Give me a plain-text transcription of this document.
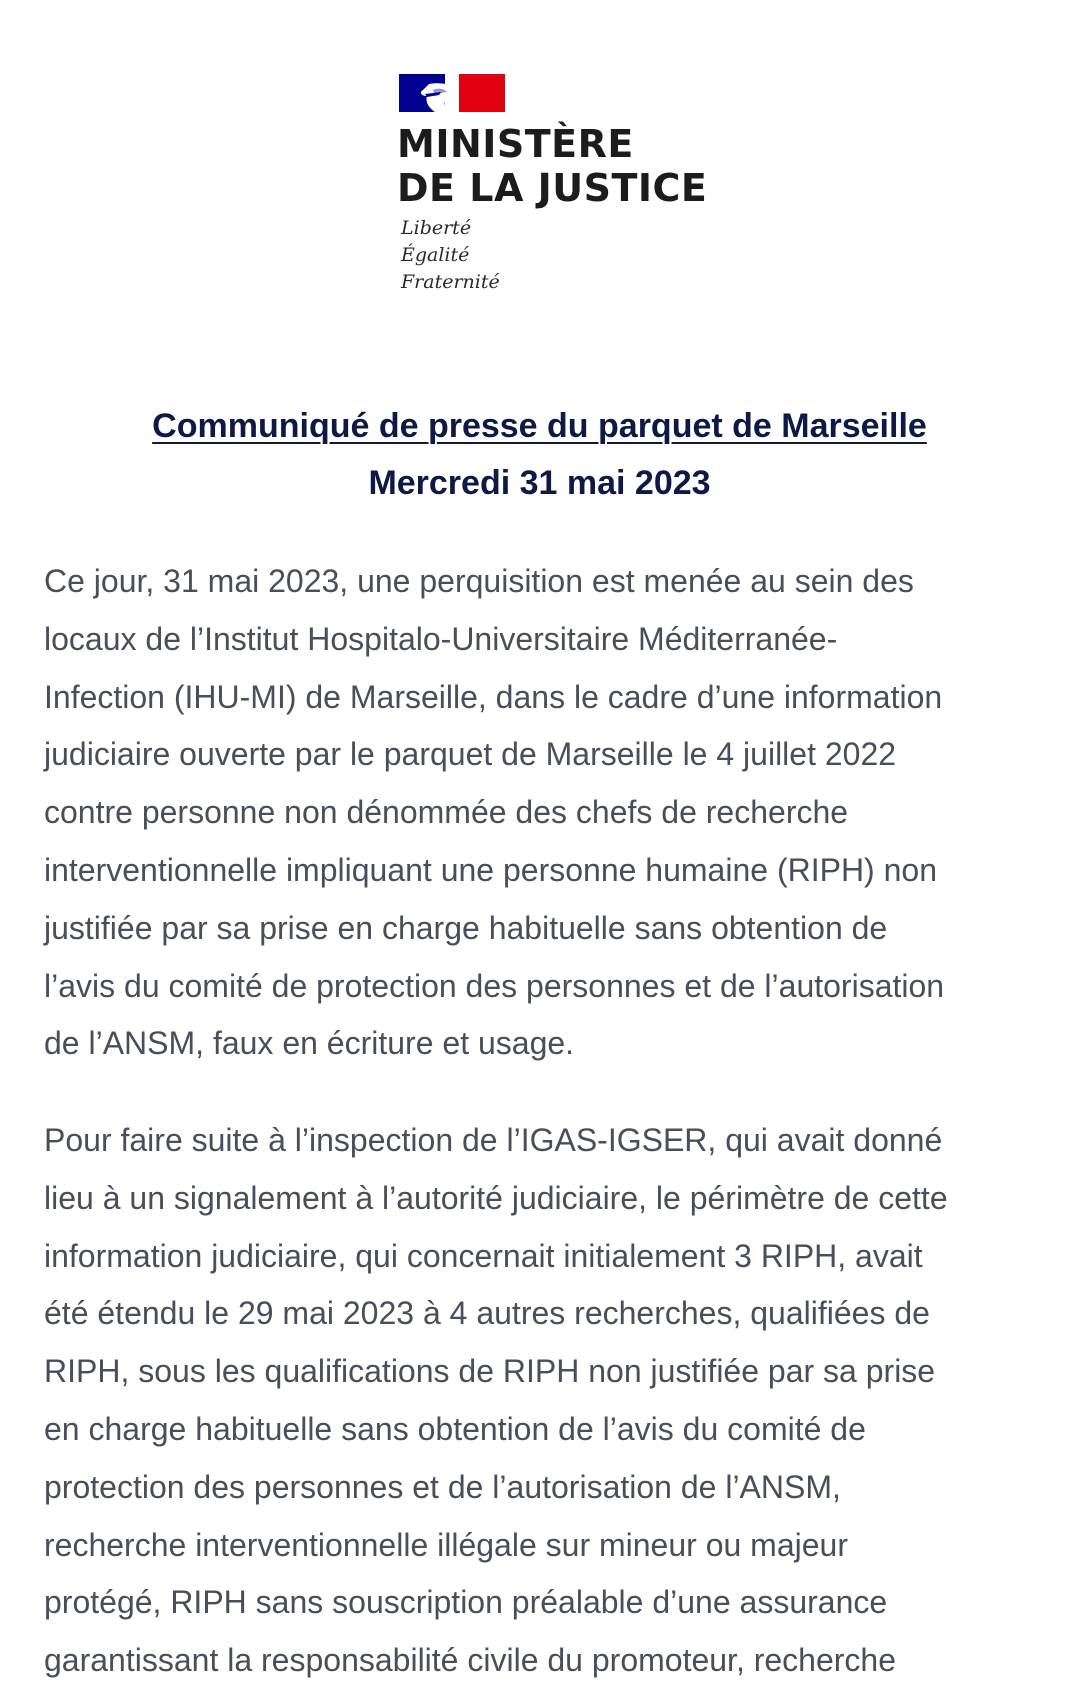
MINISTÈRE
DE LA JUSTICE
Liberté
Égalité
Fraternité
Communiqué de presse du parquet de Marseille
Mercredi 31 mai 2023
Ce jour, 31 mai 2023, une perquisition est menée au sein des
locaux de l’Institut Hospitalo-Universitaire Méditerranée-
Infection (IHU-MI) de Marseille, dans le cadre d’une information
judiciaire ouverte par le parquet de Marseille le 4 juillet 2022
contre personne non dénommée des chefs de recherche
interventionnelle impliquant une personne humaine (RIPH) non
justifiée par sa prise en charge habituelle sans obtention de
l’avis du comité de protection des personnes et de l’autorisation
de l’ANSM, faux en écriture et usage.
Pour faire suite à l’inspection de l’IGAS-IGSER, qui avait donné
lieu à un signalement à l’autorité judiciaire, le périmètre de cette
information judiciaire, qui concernait initialement 3 RIPH, avait
été étendu le 29 mai 2023 à 4 autres recherches, qualifiées de
RIPH, sous les qualifications de RIPH non justifiée par sa prise
en charge habituelle sans obtention de l’avis du comité de
protection des personnes et de l’autorisation de l’ANSM,
recherche interventionnelle illégale sur mineur ou majeur
protégé, RIPH sans souscription préalable d’une assurance
garantissant la responsabilité civile du promoteur, recherche
